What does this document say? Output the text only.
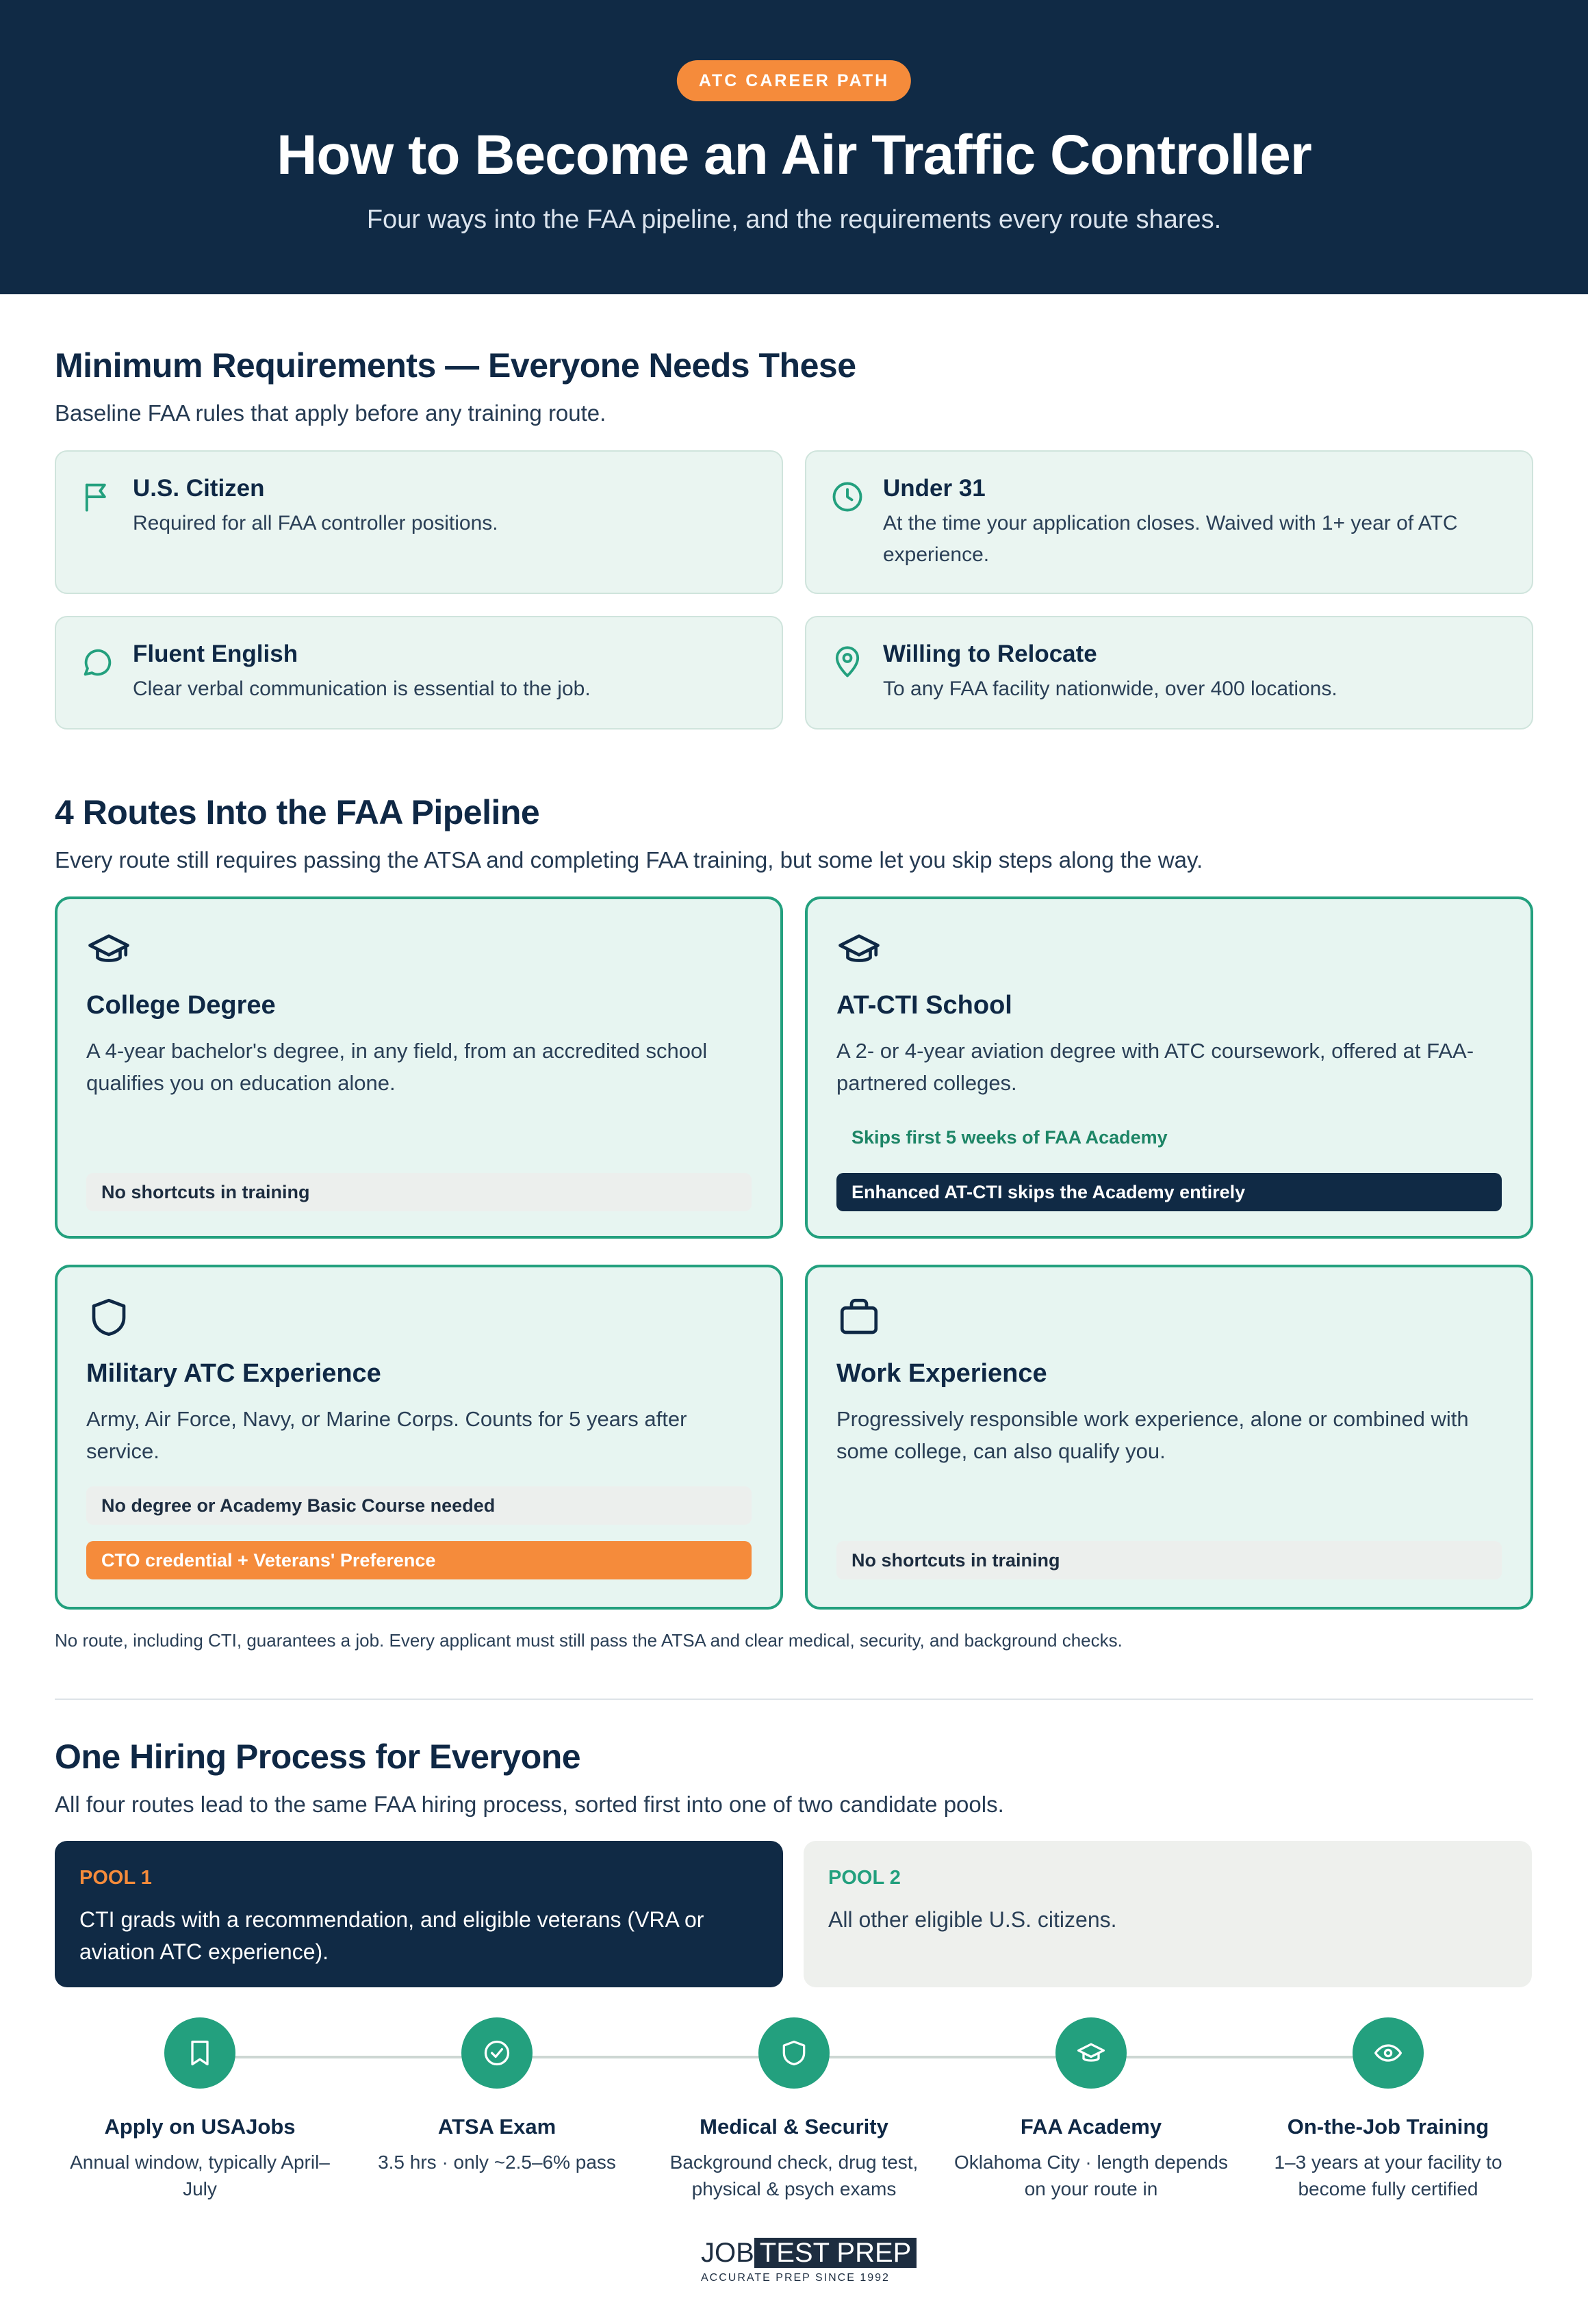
ATC CAREER PATH
How to Become an Air Traffic Controller
Four ways into the FAA pipeline, and the requirements every route shares.
Minimum Requirements — Everyone Needs These
Baseline FAA rules that apply before any training route.
U.S. Citizen
Required for all FAA controller positions.
Under 31
At the time your application closes. Waived with 1+ year of ATC experience.
Fluent English
Clear verbal communication is essential to the job.
Willing to Relocate
To any FAA facility nationwide, over 400 locations.
4 Routes Into the FAA Pipeline
Every route still requires passing the ATSA and completing FAA training, but some let you skip steps along the way.
College Degree
A 4-year bachelor's degree, in any field, from an accredited school qualifies you on education alone.
No shortcuts in training
AT-CTI School
A 2- or 4-year aviation degree with ATC coursework, offered at FAA-partnered colleges.
Skips first 5 weeks of FAA Academy
Enhanced AT-CTI skips the Academy entirely
Military ATC Experience
Army, Air Force, Navy, or Marine Corps. Counts for 5 years after service.
No degree or Academy Basic Course needed
CTO credential + Veterans' Preference
Work Experience
Progressively responsible work experience, alone or combined with some college, can also qualify you.
No shortcuts in training
No route, including CTI, guarantees a job. Every applicant must still pass the ATSA and clear medical, security, and background checks.
One Hiring Process for Everyone
All four routes lead to the same FAA hiring process, sorted first into one of two candidate pools.
POOL 1
CTI grads with a recommendation, and eligible veterans (VRA or aviation ATC experience).
POOL 2
All other eligible U.S. citizens.
Apply on USAJobs
Annual window, typically April–July
ATSA Exam
3.5 hrs · only ~2.5–6% pass
Medical & Security
Background check, drug test, physical & psych exams
FAA Academy
Oklahoma City · length depends on your route in
On-the-Job Training
1–3 years at your facility to become fully certified
JOB TEST PREP
ACCURATE PREP SINCE 1992
